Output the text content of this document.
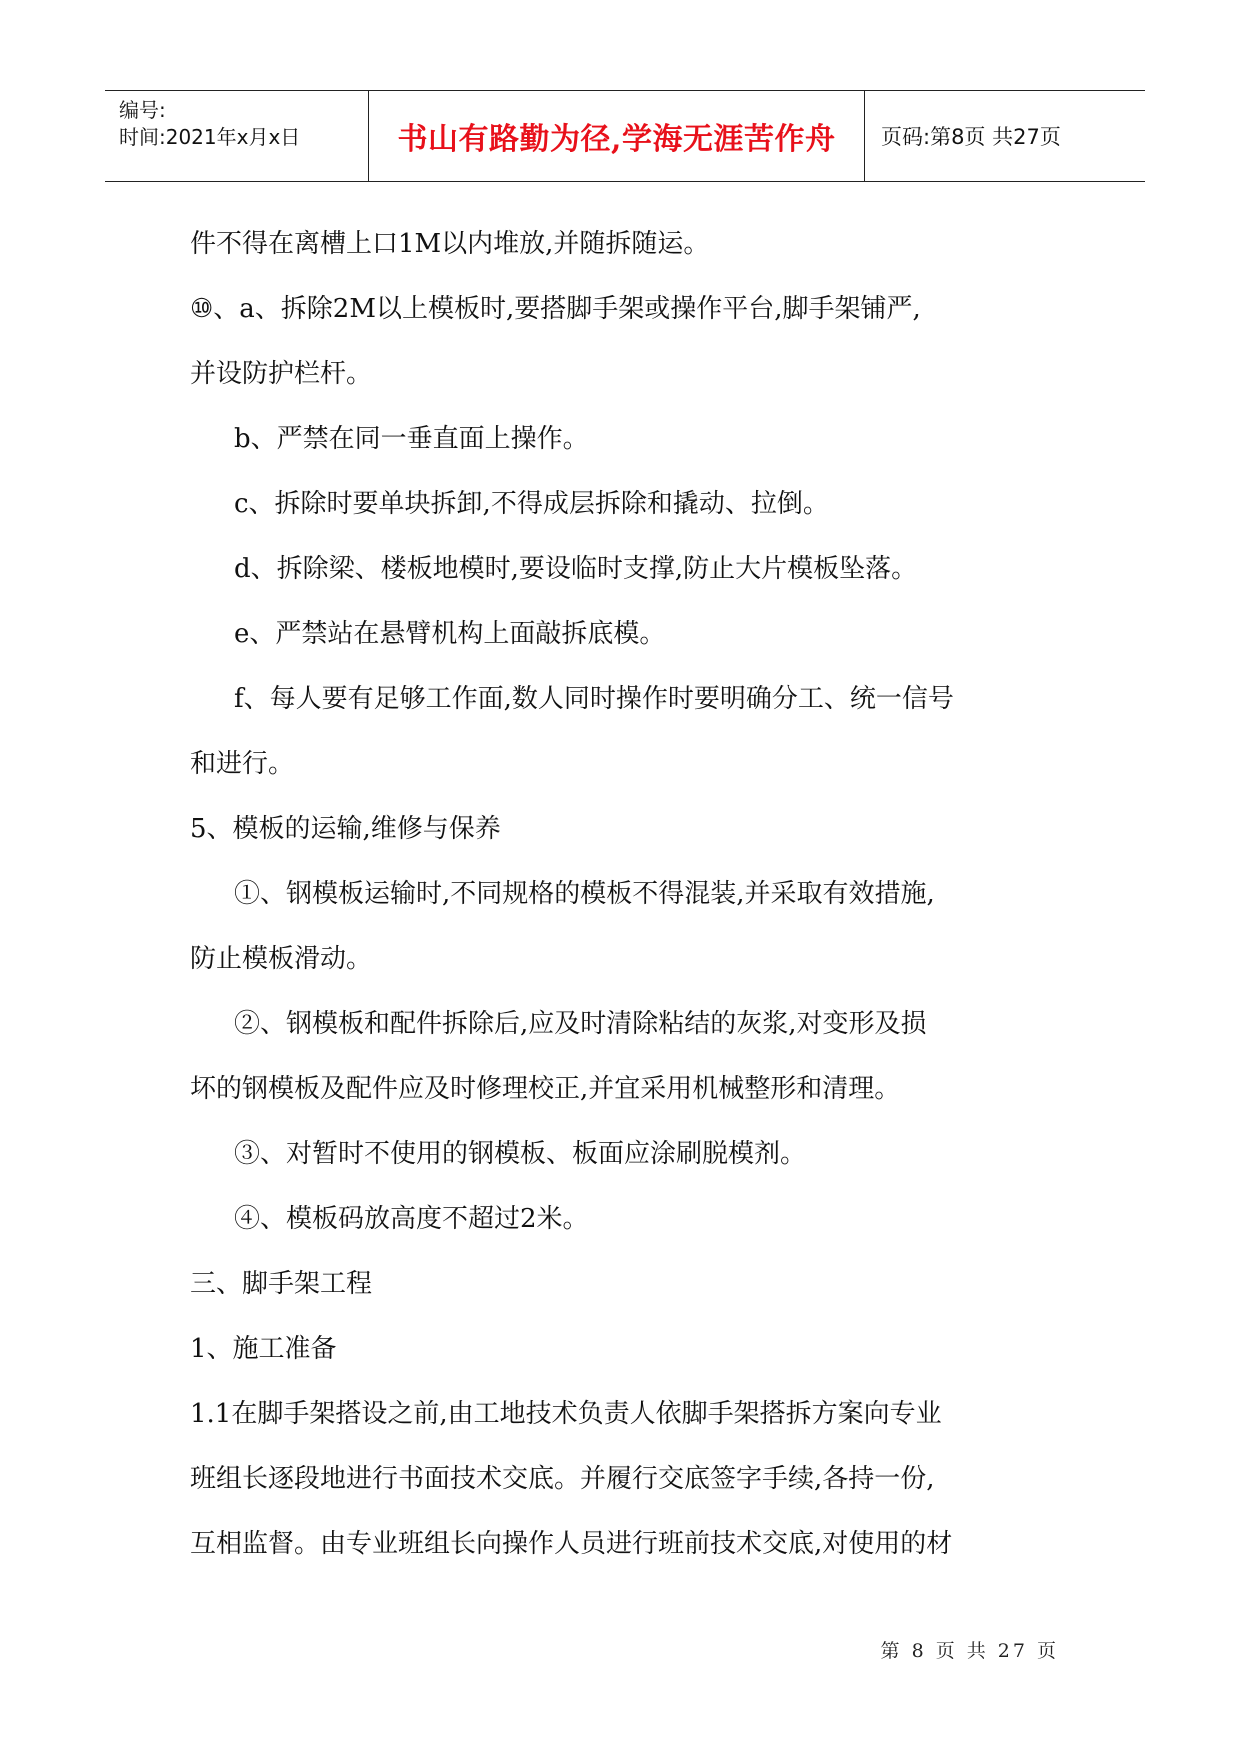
编号:
时间:2021年x月x日	书山有路勤为径,学海无涯苦作舟 页码:第8页 共27页
件不得在离槽上口1M以内堆放,并随拆随运。
⑩、a、拆除2M以上模板时,要搭脚手架或操作平台,脚手架铺严,
并设防护栏杆。
b、严禁在同一垂直面上操作。
c、拆除时要单块拆卸,不得成层拆除和撬动、拉倒。
d、拆除梁、楼板地模时,要设临时支撑,防止大片模板坠落。
e、严禁站在悬臂机构上面敲拆底模。
f、每人要有足够工作面,数人同时操作时要明确分工、统一信号
和进行。
5、模板的运输,维修与保养
①、钢模板运输时,不同规格的模板不得混装,并采取有效措施,
防止模板滑动。
②、钢模板和配件拆除后,应及时清除粘结的灰浆,对变形及损
坏的钢模板及配件应及时修理校正,并宜采用机械整形和清理。
③、对暂时不使用的钢模板、板面应涂刷脱模剂。
④、模板码放高度不超过2米。
三、脚手架工程
1、施工准备
1.1在脚手架搭设之前,由工地技术负责人依脚手架搭拆方案向专业
班组长逐段地进行书面技术交底。并履行交底签字手续,各持一份,
互相监督。由专业班组长向操作人员进行班前技术交底,对使用的材
第 8 页 共 27 页
